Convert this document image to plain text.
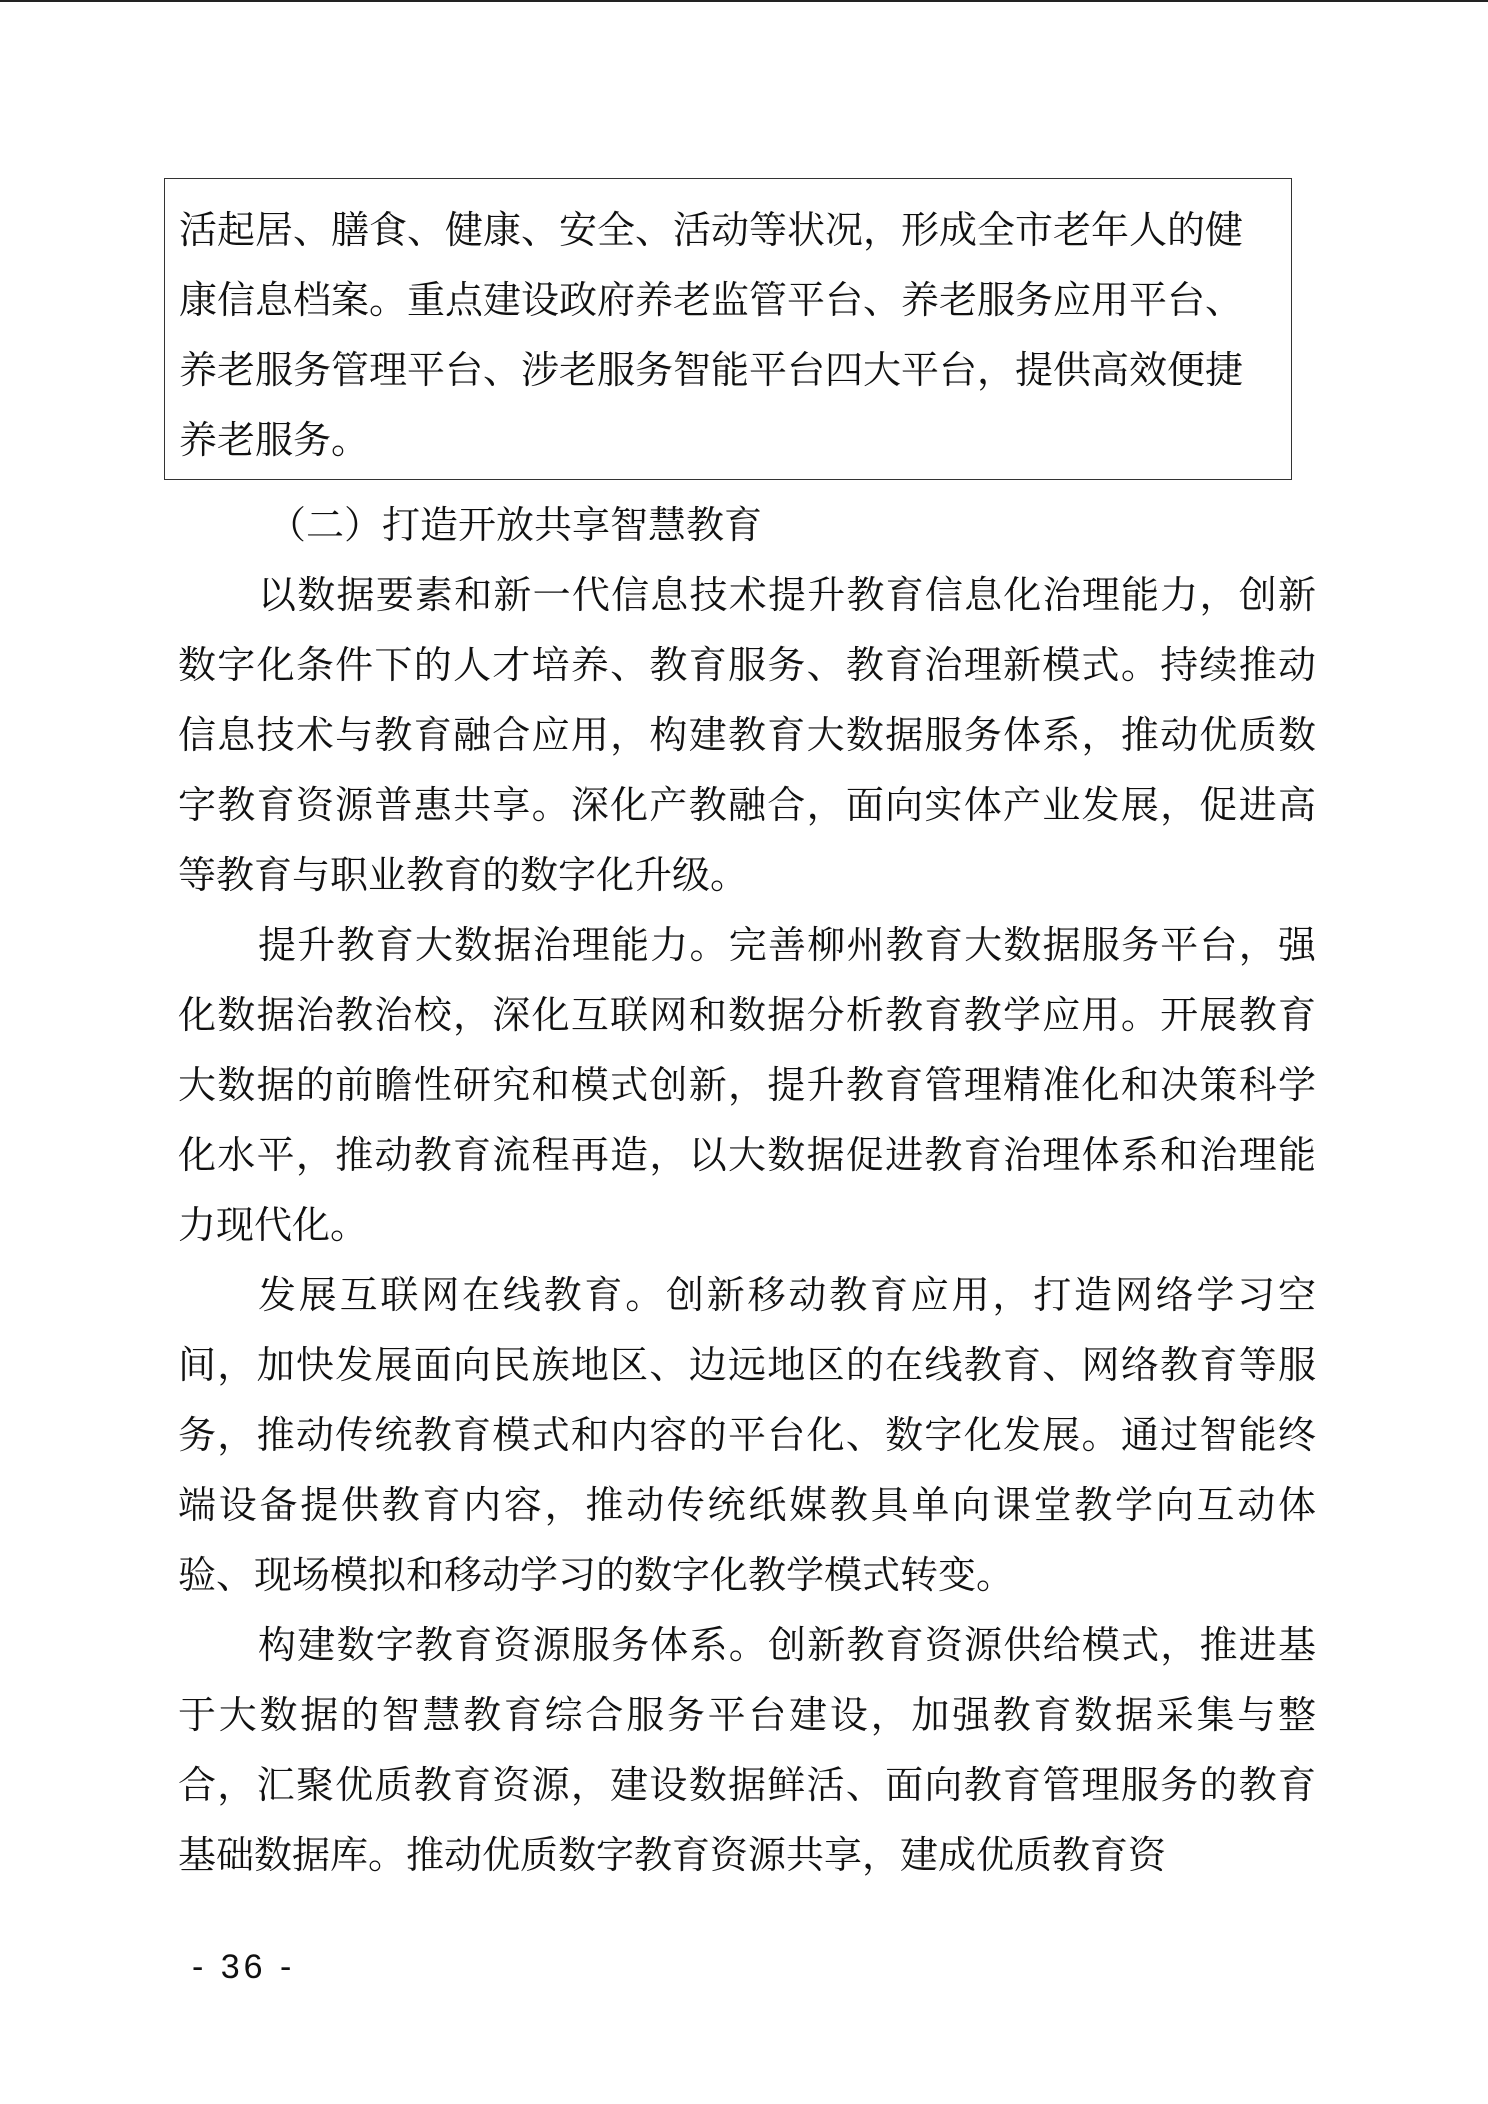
活起居、膳食、健康、安全、活动等状况，形成全市老年人的健
康信息档案。重点建设政府养老监管平台、养老服务应用平台、
养老服务管理平台、涉老服务智能平台四大平台，提供高效便捷
养老服务。
（二）打造开放共享智慧教育

以数据要素和新一代信息技术提升教育信息化治理能力，创新数字化条件下的人才培养、教育服务、教育治理新模式。持续推动信息技术与教育融合应用，构建教育大数据服务体系，推动优质数字教育资源普惠共享。深化产教融合，面向实体产业发展，促进高等教育与职业教育的数字化升级。

提升教育大数据治理能力。完善柳州教育大数据服务平台，强化数据治教治校，深化互联网和数据分析教育教学应用。开展教育大数据的前瞻性研究和模式创新，提升教育管理精准化和决策科学化水平，推动教育流程再造，以大数据促进教育治理体系和治理能力现代化。

发展互联网在线教育。创新移动教育应用，打造网络学习空间，加快发展面向民族地区、边远地区的在线教育、网络教育等服务，推动传统教育模式和内容的平台化、数字化发展。通过智能终端设备提供教育内容，推动传统纸媒教具单向课堂教学向互动体验、现场模拟和移动学习的数字化教学模式转变。

构建数字教育资源服务体系。创新教育资源供给模式，推进基于大数据的智慧教育综合服务平台建设，加强教育数据采集与整合，汇聚优质教育资源，建设数据鲜活、面向教育管理服务的教育基础数据库。推动优质数字教育资源共享，建成优质教育资

- 36 -
